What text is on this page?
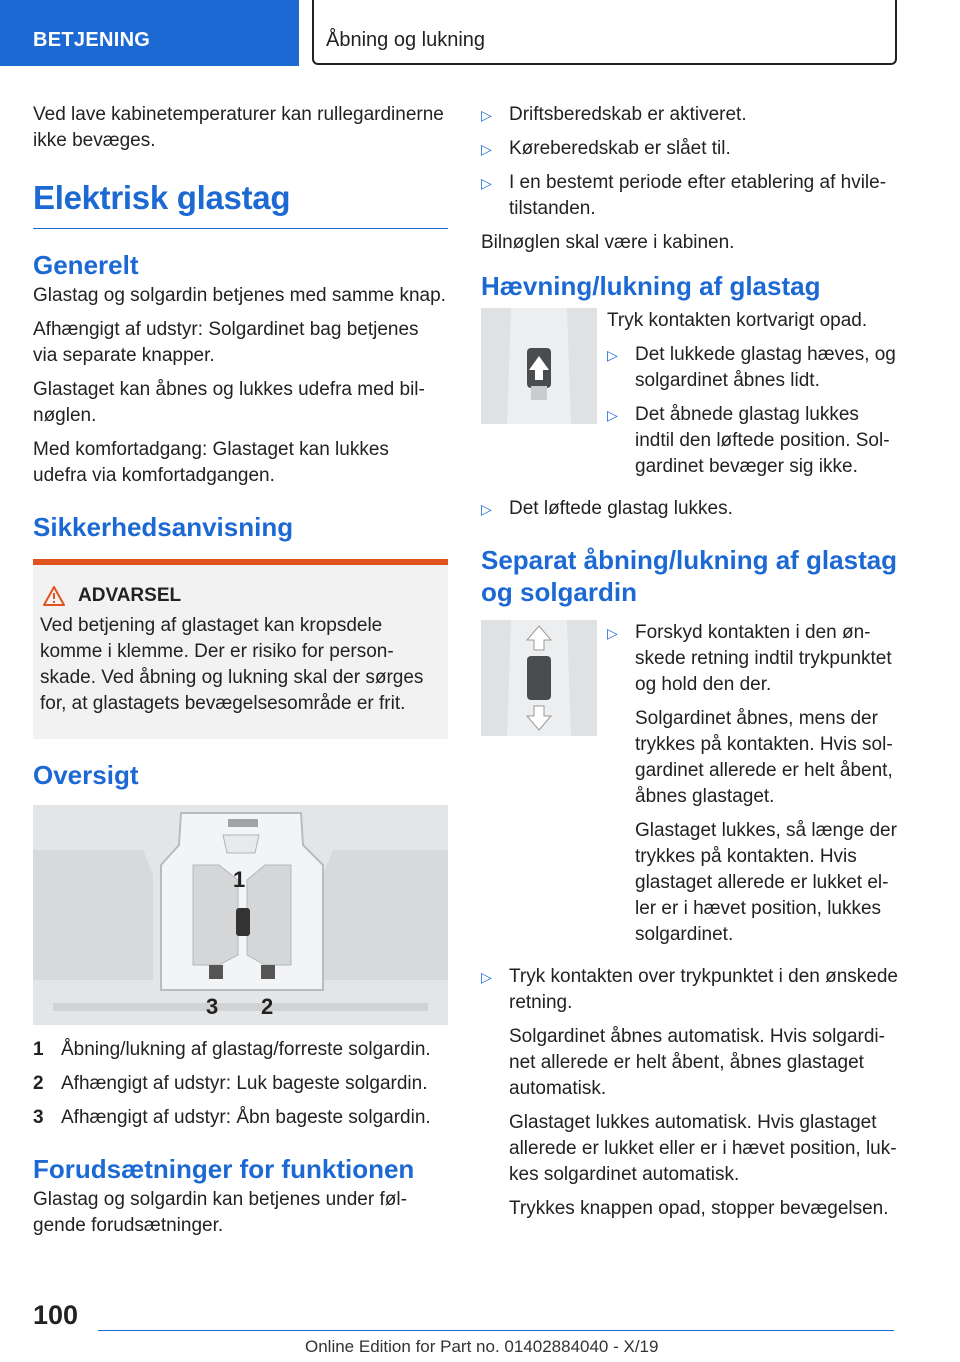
BETJENING	Åbning og lukning

Ved lave kabinetemperaturer kan rullegardinerne ikke bevæges.

Elektrisk glastag
Generelt

Glastag og solgardin betjenes med samme knap.

Afhængigt af udstyr: Solgardinet bag betjenes via separate knapper.

Glastaget kan åbnes og lukkes udefra med bilnøglen.

Med komfortadgang: Glastaget kan lukkes udefra via komfortadgangen.

Sikkerhedsanvisning
ADVARSEL
Ved betjening af glastaget kan kropsdele komme i klemme. Der er risiko for personskade. Ved åbning og lukning skal der sørges for, at glastagets bevægelsesområde er frit.
Oversigt
1
2
3
1 Åbning/lukning af glastag/forreste solgardin.
2 Afhængigt af udstyr: Luk bageste solgardin.
3 Afhængigt af udstyr: Åbn bageste solgardin.
Forudsætninger for funktionen

Glastag og solgardin kan betjenes under følgende forudsætninger.

▷ Driftsberedskab er aktiveret.
▷ Køreberedskab er slået til.
▷ I en bestemt periode efter etablering af hviletilstanden.

Bilnøglen skal være i kabinen.

Hævning/lukning af glastag

Tryk kontakten kortvarigt opad.

▷ Det lukkede glastag hæves, og solgardinet åbnes lidt.
▷ Det åbnede glastag lukkes indtil den løftede position. Solgardinet bevæger sig ikke.
▷ Det løftede glastag lukkes.
Separat åbning/lukning af glastag og solgardin
▷ Forskyd kontakten i den ønskede retning indtil trykpunktet og hold den der.

Solgardinet åbnes, mens der trykkes på kontakten. Hvis solgardinet allerede er helt åbent, åbnes glastaget.

Glastaget lukkes, så længe der trykkes på kontakten. Hvis glastaget allerede er lukket eller er i hævet position, lukkes solgardinet.

▷ Tryk kontakten over trykpunktet i den ønskede retning.

Solgardinet åbnes automatisk. Hvis solgardinet allerede er helt åbent, åbnes glastaget automatisk.

Glastaget lukkes automatisk. Hvis glastaget allerede er lukket eller er i hævet position, lukkes solgardinet automatisk.

Trykkes knappen opad, stopper bevægelsen.

100
Online Edition for Part no. 01402884040 - X/19
